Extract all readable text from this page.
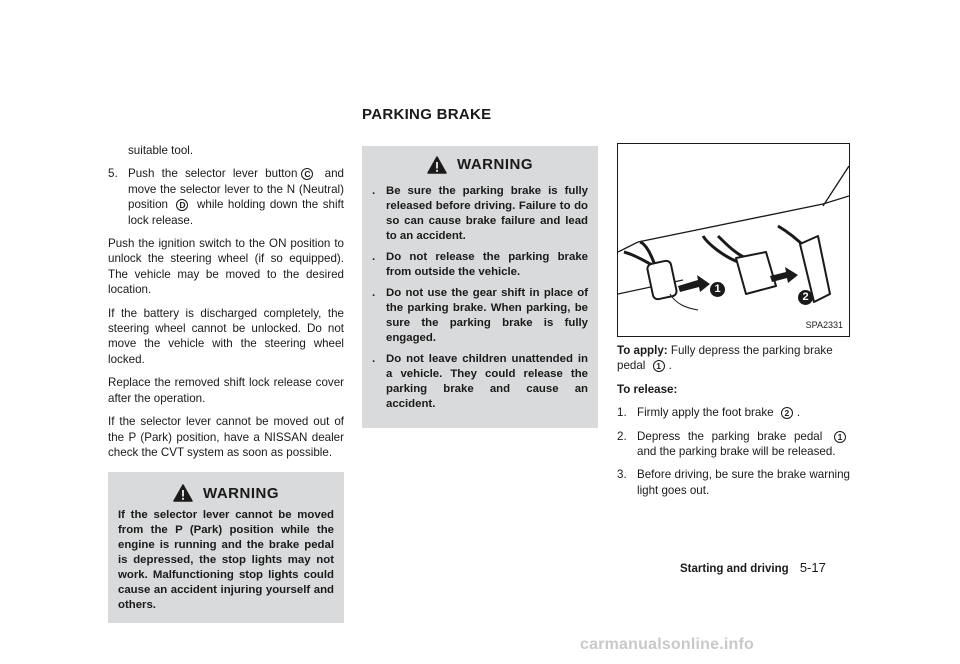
PARKING BRAKE
suitable tool.
5. Push the selector lever button C and move the selector lever to the N (Neutral) position D while holding down the shift lock release.

Push the ignition switch to the ON position to unlock the steering wheel (if so equipped). The vehicle may be moved to the desired location.

If the battery is discharged completely, the steering wheel cannot be unlocked. Do not move the vehicle with the steering wheel locked.

Replace the removed shift lock release cover after the operation.

If the selector lever cannot be moved out of the P (Park) position, have a NISSAN dealer check the CVT system as soon as possible.

WARNING
If the selector lever cannot be moved from the P (Park) position while the engine is running and the brake pedal is depressed, the stop lights may not work. Malfunctioning stop lights could cause an accident injuring yourself and others.
WARNING
. Be sure the parking brake is fully released before driving. Failure to do so can cause brake failure and lead to an accident.
. Do not release the parking brake from outside the vehicle.
. Do not use the gear shift in place of the parking brake. When parking, be sure the parking brake is fully engaged.
. Do not leave children unattended in a vehicle. They could release the parking brake and cause an accident.
1
2
SPA2331

To apply: Fully depress the parking brake pedal 1 .

To release:

1. Firmly apply the foot brake 2 .
2. Depress the parking brake pedal 1 and the parking brake will be released.
3. Before driving, be sure the brake warning light goes out.
Starting and driving 5-17
carmanualsonline.info
